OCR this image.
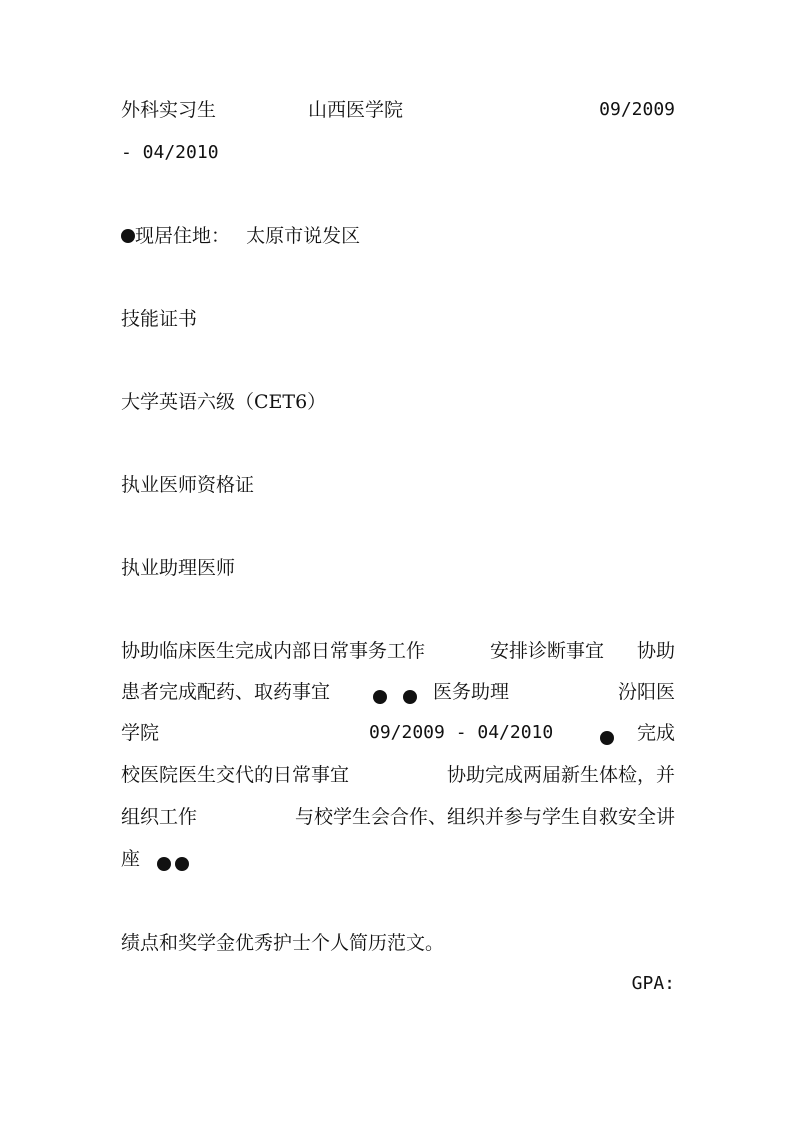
外科实习生	山西医学院	09/2009
- 04/2010
现居住地： 太原市说发区
技能证书
大学英语六级（CET6）
执业医师资格证
执业助理医师
协助临床医生完成内部日常事务工作	安排诊断事宜 协助
患者完成配药、取药事宜	医务助理	汾阳医
学院	09/2009 - 04/2010	完成
校医院医生交代的日常事宜	协助完成两届新生体检，并
组织工作	与校学生会合作、组织并参与学生自救安全讲
座
绩点和奖学金优秀护士个人简历范文。
GPA:
